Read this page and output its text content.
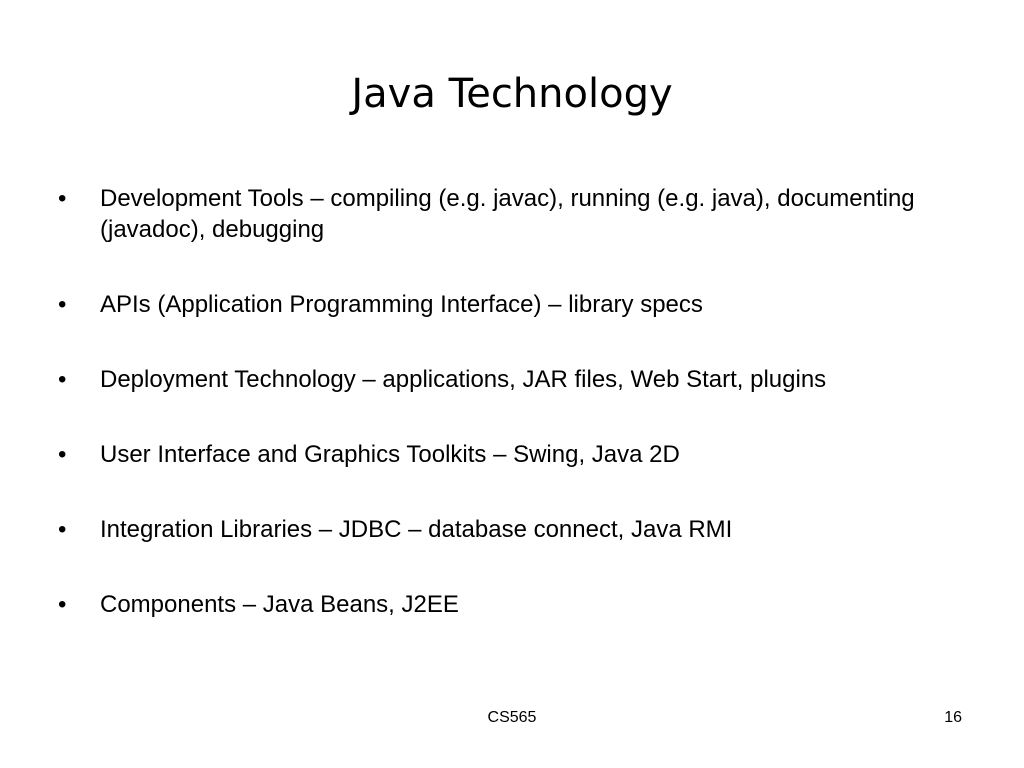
Java Technology
•	Development Tools – compiling (e.g. javac), running (e.g. java), documenting (javadoc), debugging
•	APIs (Application Programming Interface) – library specs
•	Deployment Technology – applications, JAR files, Web Start, plugins
•	User Interface and Graphics Toolkits – Swing, Java 2D
•	Integration Libraries – JDBC – database connect, Java RMI
•	Components – Java Beans, J2EE
CS565	16
